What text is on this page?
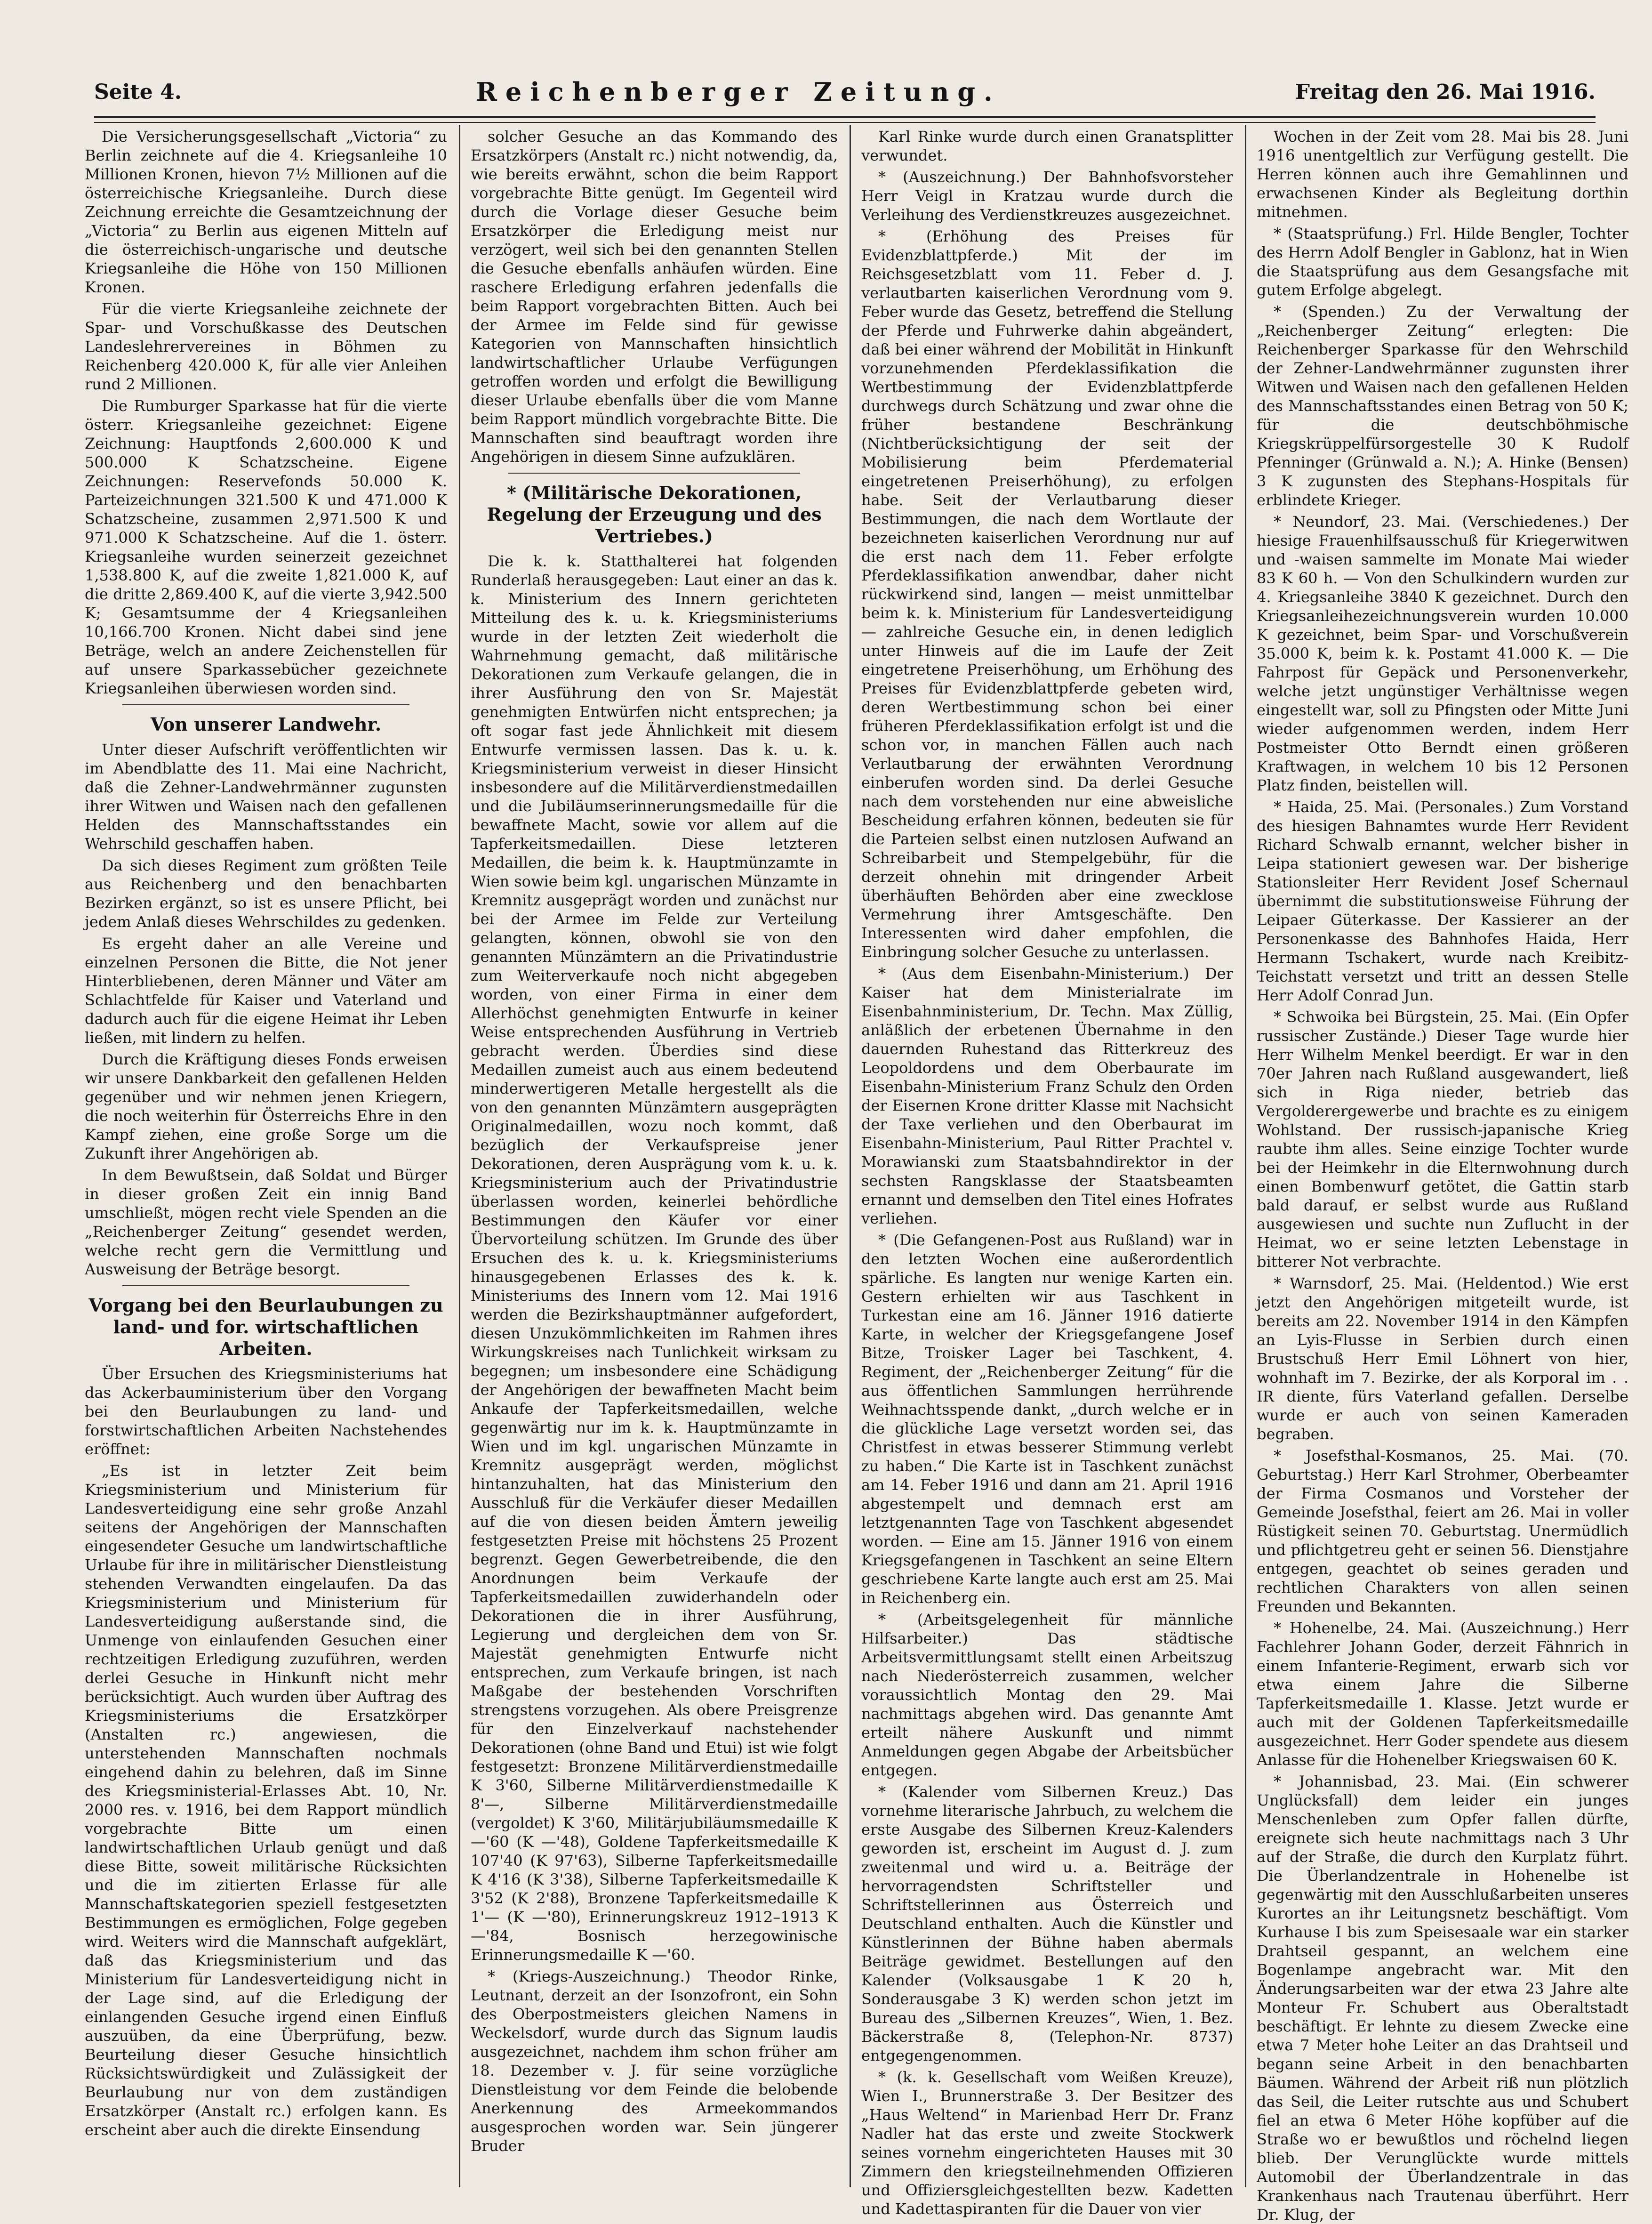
Seite 4.	Reichenberger Zeitung.	Freitag den 26. Mai 1916.

Die Versicherungsgesellschaft „Victoria“ zu Berlin zeichnete auf die 4. Kriegsanleihe 10 Millionen Kronen, hievon 7½ Millionen auf die österreichische Kriegsanleihe. Durch diese Zeichnung erreichte die Gesamtzeichnung der „Victoria“ zu Berlin aus eigenen Mitteln auf die österreichisch-ungarische und deutsche Kriegsanleihe die Höhe von 150 Millionen Kronen.

Für die vierte Kriegsanleihe zeichnete der Spar- und Vorschußkasse des Deutschen Landeslehrervereines in Böhmen zu Reichenberg 420.000 K, für alle vier Anleihen rund 2 Millionen.

Die Rumburger Sparkasse hat für die vierte österr. Kriegsanleihe gezeichnet: Eigene Zeichnung: Hauptfonds 2,600.000 K und 500.000 K Schatzscheine. Eigene Zeichnungen: Reservefonds 50.000 K. Parteizeichnungen 321.500 K und 471.000 K Schatzscheine, zusammen 2,971.500 K und 971.000 K Schatzscheine. Auf die 1. österr. Kriegsanleihe wurden seinerzeit gezeichnet 1,538.800 K, auf die zweite 1,821.000 K, auf die dritte 2,869.400 K, auf die vierte 3,942.500 K; Gesamtsumme der 4 Kriegsanleihen 10,166.700 Kronen. Nicht dabei sind jene Beträge, welch an andere Zeichenstellen für auf unsere Sparkassebücher gezeichnete Kriegsanleihen überwiesen worden sind.

Von unserer Landwehr.

Unter dieser Aufschrift veröffentlichten wir im Abendblatte des 11. Mai eine Nachricht, daß die Zehner-Landwehrmänner zugunsten ihrer Witwen und Waisen nach den gefallenen Helden des Mannschaftsstandes ein Wehrschild geschaffen haben.

Da sich dieses Regiment zum größten Teile aus Reichenberg und den benachbarten Bezirken ergänzt, so ist es unsere Pflicht, bei jedem Anlaß dieses Wehrschildes zu gedenken.

Es ergeht daher an alle Vereine und einzelnen Personen die Bitte, die Not jener Hinterbliebenen, deren Männer und Väter am Schlachtfelde für Kaiser und Vaterland und dadurch auch für die eigene Heimat ihr Leben ließen, mit lindern zu helfen.

Durch die Kräftigung dieses Fonds erweisen wir unsere Dankbarkeit den gefallenen Helden gegenüber und wir nehmen jenen Kriegern, die noch weiterhin für Österreichs Ehre in den Kampf ziehen, eine große Sorge um die Zukunft ihrer Angehörigen ab.

In dem Bewußtsein, daß Soldat und Bürger in dieser großen Zeit ein innig Band umschließt, mögen recht viele Spenden an die „Reichenberger Zeitung“ gesendet werden, welche recht gern die Vermittlung und Ausweisung der Beträge besorgt.

Vorgang bei den Beurlaubungen zu land- und for. wirtschaftlichen Arbeiten.

Über Ersuchen des Kriegsministeriums hat das Ackerbauministerium über den Vorgang bei den Beurlaubungen zu land- und forstwirtschaftlichen Arbeiten Nachstehendes eröffnet:

„Es ist in letzter Zeit beim Kriegsministerium und Ministerium für Landesverteidigung eine sehr große Anzahl seitens der Angehörigen der Mannschaften eingesendeter Gesuche um landwirtschaftliche Urlaube für ihre in militärischer Dienstleistung stehenden Verwandten eingelaufen. Da das Kriegsministerium und Ministerium für Landesverteidigung außerstande sind, die Unmenge von einlaufenden Gesuchen einer rechtzeitigen Erledigung zuzuführen, werden derlei Gesuche in Hinkunft nicht mehr berücksichtigt. Auch wurden über Auftrag des Kriegsministeriums die Ersatzkörper (Anstalten rc.) angewiesen, die unterstehenden Mannschaften nochmals eingehend dahin zu belehren, daß im Sinne des Kriegsministerial-Erlasses Abt. 10, Nr. 2000 res. v. 1916, bei dem Rapport mündlich vorgebrachte Bitte um einen landwirtschaftlichen Urlaub genügt und daß diese Bitte, soweit militärische Rücksichten und die im zitierten Erlasse für alle Mannschaftskategorien speziell festgesetzten Bestimmungen es ermöglichen, Folge gegeben wird. Weiters wird die Mannschaft aufgeklärt, daß das Kriegsministerium und das Ministerium für Landesverteidigung nicht in der Lage sind, auf die Erledigung der einlangenden Gesuche irgend einen Einfluß auszuüben, da eine Überprüfung, bezw. Beurteilung dieser Gesuche hinsichtlich Rücksichtswürdigkeit und Zulässigkeit der Beurlaubung nur von dem zuständigen Ersatzkörper (Anstalt rc.) erfolgen kann. Es erscheint aber auch die direkte Einsendung

solcher Gesuche an das Kommando des Ersatzkörpers (Anstalt rc.) nicht notwendig, da, wie bereits erwähnt, schon die beim Rapport vorgebrachte Bitte genügt. Im Gegenteil wird durch die Vorlage dieser Gesuche beim Ersatzkörper die Erledigung meist nur verzögert, weil sich bei den genannten Stellen die Gesuche ebenfalls anhäufen würden. Eine raschere Erledigung erfahren jedenfalls die beim Rapport vorgebrachten Bitten. Auch bei der Armee im Felde sind für gewisse Kategorien von Mannschaften hinsichtlich landwirtschaftlicher Urlaube Verfügungen getroffen worden und erfolgt die Bewilligung dieser Urlaube ebenfalls über die vom Manne beim Rapport mündlich vorgebrachte Bitte. Die Mannschaften sind beauftragt worden ihre Angehörigen in diesem Sinne aufzuklären.

* (Militärische Dekorationen, Regelung der Erzeugung und des Vertriebes.)

Die k. k. Statthalterei hat folgenden Runderlaß herausgegeben: Laut einer an das k. k. Ministerium des Innern gerichteten Mitteilung des k. u. k. Kriegsministeriums wurde in der letzten Zeit wiederholt die Wahrnehmung gemacht, daß militärische Dekorationen zum Verkaufe gelangen, die in ihrer Ausführung den von Sr. Majestät genehmigten Entwürfen nicht entsprechen; ja oft sogar fast jede Ähnlichkeit mit diesem Entwurfe vermissen lassen. Das k. u. k. Kriegsministerium verweist in dieser Hinsicht insbesondere auf die Militärverdienstmedaillen und die Jubiläumserinnerungsmedaille für die bewaffnete Macht, sowie vor allem auf die Tapferkeitsmedaillen. Diese letzteren Medaillen, die beim k. k. Hauptmünzamte in Wien sowie beim kgl. ungarischen Münzamte in Kremnitz ausgeprägt worden und zunächst nur bei der Armee im Felde zur Verteilung gelangten, können, obwohl sie von den genannten Münzämtern an die Privatindustrie zum Weiterverkaufe noch nicht abgegeben worden, von einer Firma in einer dem Allerhöchst genehmigten Entwurfe in keiner Weise entsprechenden Ausführung in Vertrieb gebracht werden. Überdies sind diese Medaillen zumeist auch aus einem bedeutend minderwertigeren Metalle hergestellt als die von den genannten Münzämtern ausgeprägten Originalmedaillen, wozu noch kommt, daß bezüglich der Verkaufspreise jener Dekorationen, deren Ausprägung vom k. u. k. Kriegsministerium auch der Privatindustrie überlassen worden, keinerlei behördliche Bestimmungen den Käufer vor einer Übervorteilung schützen. Im Grunde des über Ersuchen des k. u. k. Kriegsministeriums hinausgegebenen Erlasses des k. k. Ministeriums des Innern vom 12. Mai 1916 werden die Bezirkshauptmänner aufgefordert, diesen Unzukömmlichkeiten im Rahmen ihres Wirkungskreises nach Tunlichkeit wirksam zu begegnen; um insbesondere eine Schädigung der Angehörigen der bewaffneten Macht beim Ankaufe der Tapferkeitsmedaillen, welche gegenwärtig nur im k. k. Hauptmünzamte in Wien und im kgl. ungarischen Münzamte in Kremnitz ausgeprägt werden, möglichst hintanzuhalten, hat das Ministerium den Ausschluß für die Verkäufer dieser Medaillen auf die von diesen beiden Ämtern jeweilig festgesetzten Preise mit höchstens 25 Prozent begrenzt. Gegen Gewerbetreibende, die den Anordnungen beim Verkaufe der Tapferkeitsmedaillen zuwiderhandeln oder Dekorationen die in ihrer Ausführung, Legierung und dergleichen dem von Sr. Majestät genehmigten Entwurfe nicht entsprechen, zum Verkaufe bringen, ist nach Maßgabe der bestehenden Vorschriften strengstens vorzugehen. Als obere Preisgrenze für den Einzelverkauf nachstehender Dekorationen (ohne Band und Etui) ist wie folgt festgesetzt: Bronzene Militärverdienstmedaille K 3'60, Silberne Militärverdienstmedaille K 8'—, Silberne Militärverdienstmedaille (vergoldet) K 3'60, Militärjubiläumsmedaille K —'60 (K —'48), Goldene Tapferkeitsmedaille K 107'40 (K 97'63), Silberne Tapferkeitsmedaille K 4'16 (K 3'38), Silberne Tapferkeitsmedaille K 3'52 (K 2'88), Bronzene Tapferkeitsmedaille K 1'— (K —'80), Erinnerungskreuz 1912–1913 K —'84, Bosnisch herzegowinische Erinnerungsmedaille K —'60.

* (Kriegs-Auszeichnung.) Theodor Rinke, Leutnant, derzeit an der Isonzofront, ein Sohn des Oberpostmeisters gleichen Namens in Weckelsdorf, wurde durch das Signum laudis ausgezeichnet, nachdem ihm schon früher am 18. Dezember v. J. für seine vorzügliche Dienstleistung vor dem Feinde die belobende Anerkennung des Armeekommandos ausgesprochen worden war. Sein jüngerer Bruder

Karl Rinke wurde durch einen Granatsplitter verwundet.

* (Auszeichnung.) Der Bahnhofsvorsteher Herr Veigl in Kratzau wurde durch die Verleihung des Verdienstkreuzes ausgezeichnet.

* (Erhöhung des Preises für Evidenzblattpferde.) Mit der im Reichsgesetzblatt vom 11. Feber d. J. verlautbarten kaiserlichen Verordnung vom 9. Feber wurde das Gesetz, betreffend die Stellung der Pferde und Fuhrwerke dahin abgeändert, daß bei einer während der Mobilität in Hinkunft vorzunehmenden Pferdeklassifikation die Wertbestimmung der Evidenzblattpferde durchwegs durch Schätzung und zwar ohne die früher bestandene Beschränkung (Nichtberücksichtigung der seit der Mobilisierung beim Pferdematerial eingetretenen Preiserhöhung), zu erfolgen habe. Seit der Verlautbarung dieser Bestimmungen, die nach dem Wortlaute der bezeichneten kaiserlichen Verordnung nur auf die erst nach dem 11. Feber erfolgte Pferdeklassifikation anwendbar, daher nicht rückwirkend sind, langen — meist unmittelbar beim k. k. Ministerium für Landesverteidigung — zahlreiche Gesuche ein, in denen lediglich unter Hinweis auf die im Laufe der Zeit eingetretene Preiserhöhung, um Erhöhung des Preises für Evidenzblattpferde gebeten wird, deren Wertbestimmung schon bei einer früheren Pferdeklassifikation erfolgt ist und die schon vor, in manchen Fällen auch nach Verlautbarung der erwähnten Verordnung einberufen worden sind. Da derlei Gesuche nach dem vorstehenden nur eine abweisliche Bescheidung erfahren können, bedeuten sie für die Parteien selbst einen nutzlosen Aufwand an Schreibarbeit und Stempelgebühr, für die derzeit ohnehin mit dringender Arbeit überhäuften Behörden aber eine zwecklose Vermehrung ihrer Amtsgeschäfte. Den Interessenten wird daher empfohlen, die Einbringung solcher Gesuche zu unterlassen.

* (Aus dem Eisenbahn-Ministerium.) Der Kaiser hat dem Ministerialrate im Eisenbahnministerium, Dr. Techn. Max Züllig, anläßlich der erbetenen Übernahme in den dauernden Ruhestand das Ritterkreuz des Leopoldordens und dem Oberbaurate im Eisenbahn-Ministerium Franz Schulz den Orden der Eisernen Krone dritter Klasse mit Nachsicht der Taxe verliehen und den Oberbaurat im Eisenbahn-Ministerium, Paul Ritter Prachtel v. Morawianski zum Staatsbahndirektor in der sechsten Rangsklasse der Staatsbeamten ernannt und demselben den Titel eines Hofrates verliehen.

* (Die Gefangenen-Post aus Rußland) war in den letzten Wochen eine außerordentlich spärliche. Es langten nur wenige Karten ein. Gestern erhielten wir aus Taschkent in Turkestan eine am 16. Jänner 1916 datierte Karte, in welcher der Kriegsgefangene Josef Bitze, Troisker Lager bei Taschkent, 4. Regiment, der „Reichenberger Zeitung“ für die aus öffentlichen Sammlungen herrührende Weihnachtsspende dankt, „durch welche er in die glückliche Lage versetzt worden sei, das Christfest in etwas besserer Stimmung verlebt zu haben.“ Die Karte ist in Taschkent zunächst am 14. Feber 1916 und dann am 21. April 1916 abgestempelt und demnach erst am letztgenannten Tage von Taschkent abgesendet worden. — Eine am 15. Jänner 1916 von einem Kriegsgefangenen in Taschkent an seine Eltern geschriebene Karte langte auch erst am 25. Mai in Reichenberg ein.

* (Arbeitsgelegenheit für männliche Hilfsarbeiter.) Das städtische Arbeitsvermittlungsamt stellt einen Arbeitszug nach Niederösterreich zusammen, welcher voraussichtlich Montag den 29. Mai nachmittags abgehen wird. Das genannte Amt erteilt nähere Auskunft und nimmt Anmeldungen gegen Abgabe der Arbeitsbücher entgegen.

* (Kalender vom Silbernen Kreuz.) Das vornehme literarische Jahrbuch, zu welchem die erste Ausgabe des Silbernen Kreuz-Kalenders geworden ist, erscheint im August d. J. zum zweitenmal und wird u. a. Beiträge der hervorragendsten Schriftsteller und Schriftstellerinnen aus Österreich und Deutschland enthalten. Auch die Künstler und Künstlerinnen der Bühne haben abermals Beiträge gewidmet. Bestellungen auf den Kalender (Volksausgabe 1 K 20 h, Sonderausgabe 3 K) werden schon jetzt im Bureau des „Silbernen Kreuzes“, Wien, 1. Bez. Bäckerstraße 8, (Telephon-Nr. 8737) entgegengenommen.

* (k. k. Gesellschaft vom Weißen Kreuze), Wien I., Brunnerstraße 3. Der Besitzer des „Haus Weltend“ in Marienbad Herr Dr. Franz Nadler hat das erste und zweite Stockwerk seines vornehm eingerichteten Hauses mit 30 Zimmern den kriegsteilnehmenden Offizieren und Offiziersgleichgestellten bezw. Kadetten und Kadettaspiranten für die Dauer von vier

Wochen in der Zeit vom 28. Mai bis 28. Juni 1916 unentgeltlich zur Verfügung gestellt. Die Herren können auch ihre Gemahlinnen und erwachsenen Kinder als Begleitung dorthin mitnehmen.

* (Staatsprüfung.) Frl. Hilde Bengler, Tochter des Herrn Adolf Bengler in Gablonz, hat in Wien die Staatsprüfung aus dem Gesangsfache mit gutem Erfolge abgelegt.

* (Spenden.) Zu der Verwaltung der „Reichenberger Zeitung“ erlegten: Die Reichenberger Sparkasse für den Wehrschild der Zehner-Landwehrmänner zugunsten ihrer Witwen und Waisen nach den gefallenen Helden des Mannschaftsstandes einen Betrag von 50 K; für die deutschböhmische Kriegskrüppelfürsorgestelle 30 K Rudolf Pfenninger (Grünwald a. N.); A. Hinke (Bensen) 3 K zugunsten des Stephans-Hospitals für erblindete Krieger.

* Neundorf, 23. Mai. (Verschiedenes.) Der hiesige Frauenhilfsausschuß für Kriegerwitwen und -waisen sammelte im Monate Mai wieder 83 K 60 h. — Von den Schulkindern wurden zur 4. Kriegsanleihe 3840 K gezeichnet. Durch den Kriegsanleihezeichnungsverein wurden 10.000 K gezeichnet, beim Spar- und Vorschußverein 35.000 K, beim k. k. Postamt 41.000 K. — Die Fahrpost für Gepäck und Personenverkehr, welche jetzt ungünstiger Verhältnisse wegen eingestellt war, soll zu Pfingsten oder Mitte Juni wieder aufgenommen werden, indem Herr Postmeister Otto Berndt einen größeren Kraftwagen, in welchem 10 bis 12 Personen Platz finden, beistellen will.

* Haida, 25. Mai. (Personales.) Zum Vorstand des hiesigen Bahnamtes wurde Herr Revident Richard Schwalb ernannt, welcher bisher in Leipa stationiert gewesen war. Der bisherige Stationsleiter Herr Revident Josef Schernaul übernimmt die substitutionsweise Führung der Leipaer Güterkasse. Der Kassierer an der Personenkasse des Bahnhofes Haida, Herr Hermann Tschakert, wurde nach Kreibitz-Teichstatt versetzt und tritt an dessen Stelle Herr Adolf Conrad Jun.

* Schwoika bei Bürgstein, 25. Mai. (Ein Opfer russischer Zustände.) Dieser Tage wurde hier Herr Wilhelm Menkel beerdigt. Er war in den 70er Jahren nach Rußland ausgewandert, ließ sich in Riga nieder, betrieb das Vergolderergewerbe und brachte es zu einigem Wohlstand. Der russisch-japanische Krieg raubte ihm alles. Seine einzige Tochter wurde bei der Heimkehr in die Elternwohnung durch einen Bombenwurf getötet, die Gattin starb bald darauf, er selbst wurde aus Rußland ausgewiesen und suchte nun Zuflucht in der Heimat, wo er seine letzten Lebenstage in bitterer Not verbrachte.

* Warnsdorf, 25. Mai. (Heldentod.) Wie erst jetzt den Angehörigen mitgeteilt wurde, ist bereits am 22. November 1914 in den Kämpfen an Lyis-Flusse in Serbien durch einen Brustschuß Herr Emil Löhnert von hier, wohnhaft im 7. Bezirke, der als Korporal im . . IR diente, fürs Vaterland gefallen. Derselbe wurde er auch von seinen Kameraden begraben.

* Josefsthal-Kosmanos, 25. Mai. (70. Geburtstag.) Herr Karl Strohmer, Oberbeamter der Firma Cosmanos und Vorsteher der Gemeinde Josefsthal, feiert am 26. Mai in voller Rüstigkeit seinen 70. Geburtstag. Unermüdlich und pflichtgetreu geht er seinen 56. Dienstjahre entgegen, geachtet ob seines geraden und rechtlichen Charakters von allen seinen Freunden und Bekannten.

* Hohenelbe, 24. Mai. (Auszeichnung.) Herr Fachlehrer Johann Goder, derzeit Fähnrich in einem Infanterie-Regiment, erwarb sich vor etwa einem Jahre die Silberne Tapferkeitsmedaille 1. Klasse. Jetzt wurde er auch mit der Goldenen Tapferkeitsmedaille ausgezeichnet. Herr Goder spendete aus diesem Anlasse für die Hohenelber Kriegswaisen 60 K.

* Johannisbad, 23. Mai. (Ein schwerer Unglücksfall) dem leider ein junges Menschenleben zum Opfer fallen dürfte, ereignete sich heute nachmittags nach 3 Uhr auf der Straße, die durch den Kurplatz führt. Die Überlandzentrale in Hohenelbe ist gegenwärtig mit den Ausschlußarbeiten unseres Kurortes an ihr Leitungsnetz beschäftigt. Vom Kurhause I bis zum Speisesaale war ein starker Drahtseil gespannt, an welchem eine Bogenlampe angebracht war. Mit den Änderungsarbeiten war der etwa 23 Jahre alte Monteur Fr. Schubert aus Oberaltstadt beschäftigt. Er lehnte zu diesem Zwecke eine etwa 7 Meter hohe Leiter an das Drahtseil und begann seine Arbeit in den benachbarten Bäumen. Während der Arbeit riß nun plötzlich das Seil, die Leiter rutschte aus und Schubert fiel an etwa 6 Meter Höhe kopfüber auf die Straße wo er bewußtlos und röchelnd liegen blieb. Der Verunglückte wurde mittels Automobil der Überlandzentrale in das Krankenhaus nach Trautenau überführt. Herr Dr. Klug, der
